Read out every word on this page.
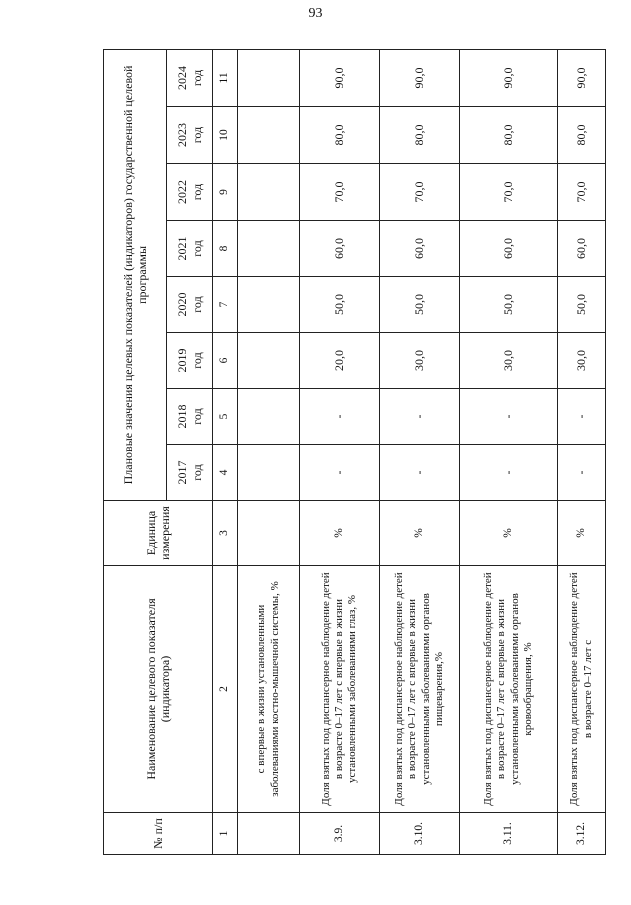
93
№ п/п	Наименование целевого показателя (индикатора)	Единица измерения	Плановые значения целевых показателей (индикаторов) государственной целевой программы							

			2017 год	2018 год	2019 год	2020 год	2021 год	2022 год	2023 год	2024 год

1	2	3	4	5	6	7	8	9	10	11
	с впервые в жизни установленными заболеваниями костно-мышечной системы, %									
3.9.	Доля взятых под диспансерное наблюдение детей в возрасте 0–17 лет с впервые в жизни установленными заболеваниями глаз, %	%	-	-	20,0	50,0	60,0	70,0	80,0	90,0
3.10.	Доля взятых под диспансерное наблюдение детей в возрасте 0–17 лет с впервые в жизни установленными заболеваниями органов пищеварения,%	%	-	-	30,0	50,0	60,0	70,0	80,0	90,0
3.11.	Доля взятых под диспансерное наблюдение детей в возрасте 0–17 лет с впервые в жизни установленными заболеваниями органов кровообращения, %	%	-	-	30,0	50,0	60,0	70,0	80,0	90,0
3.12.	Доля взятых под диспансерное наблюдение детей в возрасте 0–17 лет с	%	-	-	30,0	50,0	60,0	70,0	80,0	90,0
